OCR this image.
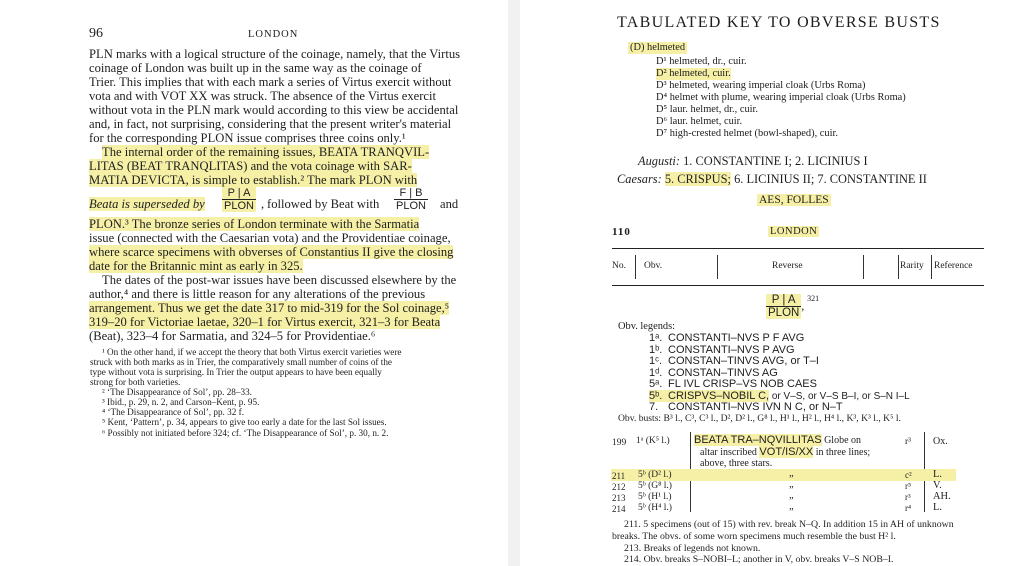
96	LONDON
PLN marks with a logical structure of the coinage, namely, that the Virtus
coinage of London was built up in the same way as the coinage of
Trier. This implies that with each mark a series of Virtus exercit without
vota and with VOT XX was struck. The absence of the Virtus exercit
without vota in the PLN mark would according to this view be accidental
and, in fact, not surprising, considering that the present writer's material
for the corresponding PLON issue comprises three coins only.¹
The internal order of the remaining issues, BEATA TRANQVIL-
LITAS (BEAT TRANQLITAS) and the vota coinage with SAR-
MATIA DEVICTA, is simple to establish.² The mark PLON with
Beata is superseded by
P | A
PLON , followed by Beat with
F | B
PLON and
PLON.³ The bronze series of London terminate with the Sarmatia
issue (connected with the Caesarian vota) and the Providentiae coinage,
where scarce specimens with obverses of Constantius II give the closing
date for the Britannic mint as early in 325.
The dates of the post-war issues have been discussed elsewhere by the
author,⁴ and there is little reason for any alterations of the previous
arrangement. Thus we get the date 317 to mid-319 for the Sol coinage,⁵
319–20 for Victoriae laetae, 320–1 for Virtus exercit, 321–3 for Beata
(Beat), 323–4 for Sarmatia, and 324–5 for Providentiae.⁶
¹ On the other hand, if we accept the theory that both Virtus exercit varieties were
struck with both marks as in Trier, the comparatively small number of coins of the
type without vota is surprising. In Trier the output appears to have been equally
strong for both varieties.
² ‘The Disappearance of Sol’, pp. 28–33.
³ Ibid., p. 29, n. 2, and Carson–Kent, p. 95.
⁴ ‘The Disappearance of Sol’, pp. 32 f.
⁵ Kent, ‘Pattern’, p. 34, appears to give too early a date for the last Sol issues.
⁶ Possibly not initiated before 324; cf. ‘The Disappearance of Sol’, p. 30, n. 2.
TABULATED KEY TO OBVERSE BUSTS
(D) helmeted
D¹ helmeted, dr., cuir.
D² helmeted, cuir.
D³ helmeted, wearing imperial cloak (Urbs Roma)
D⁴ helmet with plume, wearing imperial cloak (Urbs Roma)
D⁵ laur. helmet, dr., cuir.
D⁶ laur. helmet, cuir.
D⁷ high-crested helmet (bowl-shaped), cuir.
Augusti: 1. CONSTANTINE I; 2. LICINIUS I
Caesars: 5. CRISPUS; 6. LICINIUS II; 7. CONSTANTINE II
AES, FOLLES
110	LONDON
No. Obv.	Reverse	Rarity Reference
$\frac{P | A}{\text{PLON}}$ , $^{321}$
Obv. legends:
1ᵃ. CONSTANTI–NVS P F AVG
1ᵇ. CONSTANTI–NVS P AVG
1ᶜ. CONSTAN–TINVS AVG, or T–I
1ᵈ. CONSTAN–TINVS AG
5ᵃ. FL IVL CRISP–VS NOB CAES
5ᵇ. CRISPVS–NOBIL C, or V–S, or V–S B–I, or S–N I–L
7. CONSTANTI–NVS IVN N C, or N–T
Obv. busts: B³ l., C³, C³ l., D², D² l., G⁸ l., H¹ l., H² l., H⁴ l., K³, K³ l., K⁵ l.
199 1ᵃ (K⁵ l.) BEATA TRA–NQVILLITAS Globe on
altar inscribed VOT/IS/XX in three lines;
above, three stars.
r³ Ox.
211 5ᵇ (D² l.)	„	c² L.
212 5ᵇ (G⁸ l.)	„	r⁵ V.
213 5ᵇ (H¹ l.)	„	r³ AH.
214 5ᵇ (H⁴ l.)	„	r⁴ L.
211. 5 specimens (out of 15) with rev. break N–Q. In addition 15 in AH of unknown
breaks. The obvs. of some worn specimens much resemble the bust H² l.
213. Breaks of legends not known.
214. Obv. breaks S–NOBI–L; another in V, obv. breaks V–S NOB–I.
